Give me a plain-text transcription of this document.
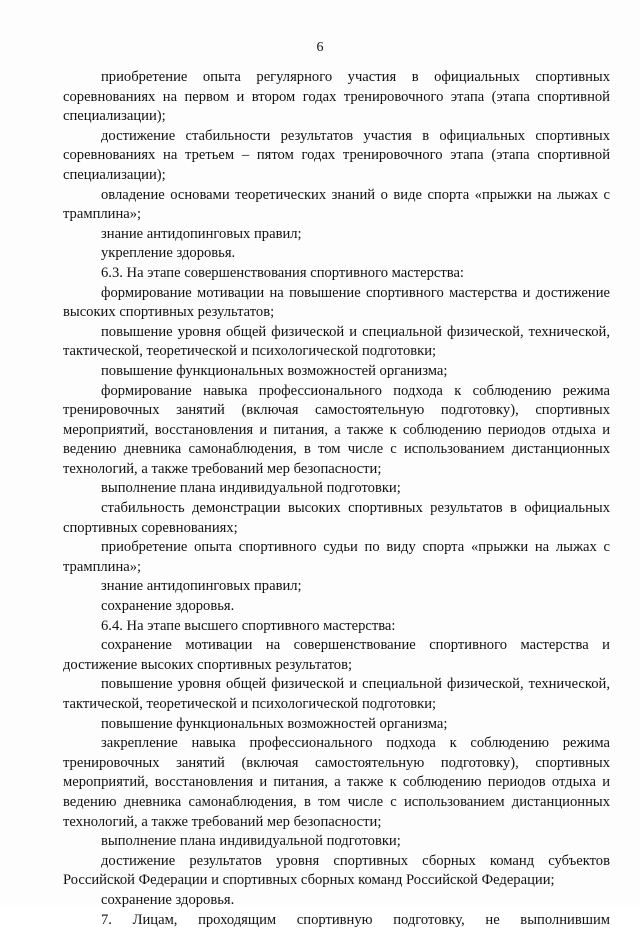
6

приобретение опыта регулярного участия в официальных спортивных соревнованиях на первом и втором годах тренировочного этапа (этапа спортивной специализации);

достижение стабильности результатов участия в официальных спортивных соревнованиях на третьем – пятом годах тренировочного этапа (этапа спортивной специализации);

овладение основами теоретических знаний о виде спорта «прыжки на лыжах с трамплина»;

знание антидопинговых правил;

укрепление здоровья.

6.3. На этапе совершенствования спортивного мастерства:

формирование мотивации на повышение спортивного мастерства и достижение высоких спортивных результатов;

повышение уровня общей физической и специальной физической, технической, тактической, теоретической и психологической подготовки;

повышение функциональных возможностей организма;

формирование навыка профессионального подхода к соблюдению режима тренировочных занятий (включая самостоятельную подготовку), спортивных мероприятий, восстановления и питания, а также к соблюдению периодов отдыха и ведению дневника самонаблюдения, в том числе с использованием дистанционных технологий, а также требований мер безопасности;

выполнение плана индивидуальной подготовки;

стабильность демонстрации высоких спортивных результатов в официальных спортивных соревнованиях;

приобретение опыта спортивного судьи по виду спорта «прыжки на лыжах с трамплина»;

знание антидопинговых правил;

сохранение здоровья.

6.4. На этапе высшего спортивного мастерства:

сохранение мотивации на совершенствование спортивного мастерства и достижение высоких спортивных результатов;

повышение уровня общей физической и специальной физической, технической, тактической, теоретической и психологической подготовки;

повышение функциональных возможностей организма;

закрепление навыка профессионального подхода к соблюдению режима тренировочных занятий (включая самостоятельную подготовку), спортивных мероприятий, восстановления и питания, а также к соблюдению периодов отдыха и ведению дневника самонаблюдения, в том числе с использованием дистанционных технологий, а также требований мер безопасности;

выполнение плана индивидуальной подготовки;

достижение результатов уровня спортивных сборных команд субъектов Российской Федерации и спортивных сборных команд Российской Федерации;

сохранение здоровья.

7. Лицам, проходящим спортивную подготовку, не выполнившим
